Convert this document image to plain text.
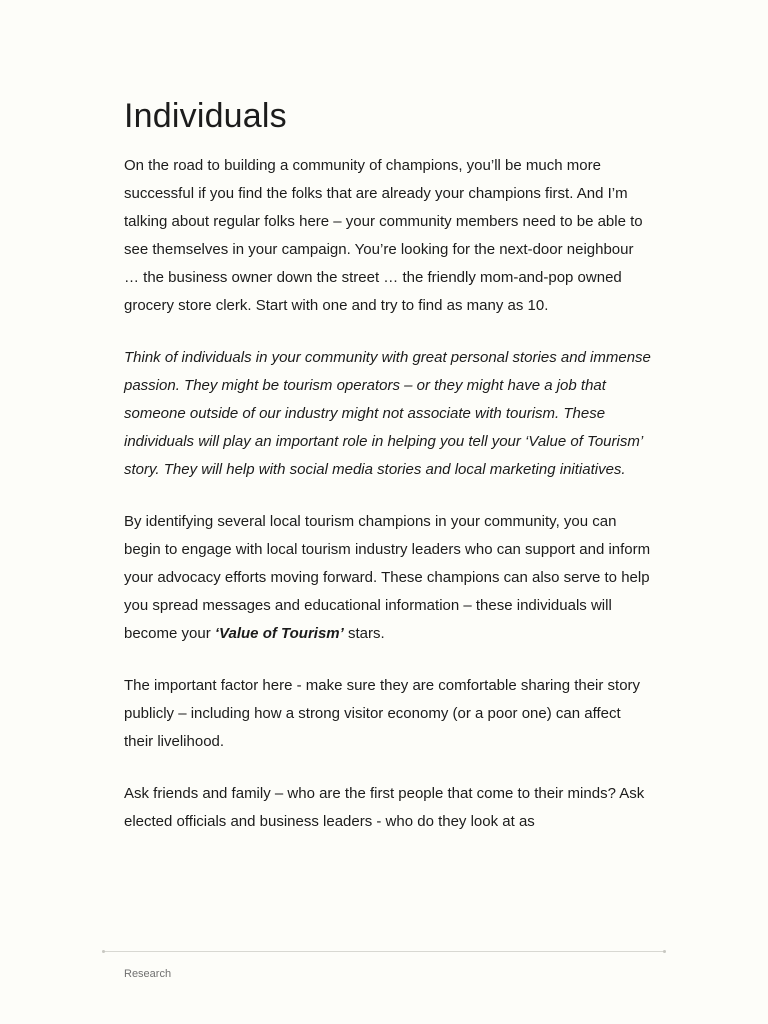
Individuals

On the road to building a community of champions, you’ll be much more successful if you find the folks that are already your champions first. And I’m talking about regular folks here – your community members need to be able to see themselves in your campaign. You’re looking for the next-door neighbour … the business owner down the street … the friendly mom-and-pop owned grocery store clerk. Start with one and try to find as many as 10.

Think of individuals in your community with great personal stories and immense passion. They might be tourism operators – or they might have a job that someone outside of our industry might not associate with tourism. These individuals will play an important role in helping you tell your ‘Value of Tourism’ story. They will help with social media stories and local marketing initiatives.

By identifying several local tourism champions in your community, you can begin to engage with local tourism industry leaders who can support and inform your advocacy efforts moving forward. These champions can also serve to help you spread messages and educational information – these individuals will become your ‘Value of Tourism’ stars.

The important factor here - make sure they are comfortable sharing their story publicly – including how a strong visitor economy (or a poor one) can affect their livelihood.

Ask friends and family – who are the first people that come to their minds? Ask elected officials and business leaders - who do they look at as

Research
